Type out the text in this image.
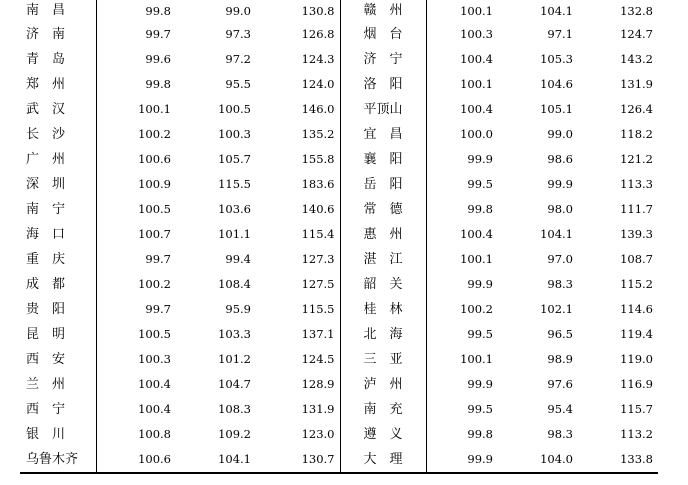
南　昌	99.8	99.0	130.8	赣　州	100.1	104.1	132.8
济　南	99.7	97.3	126.8	烟　台	100.3	97.1	124.7
青　岛	99.6	97.2	124.3	济　宁	100.4	105.3	143.2
郑　州	99.8	95.5	124.0	洛　阳	100.1	104.6	131.9
武　汉	100.1	100.5	146.0	平顶山	100.4	105.1	126.4
长　沙	100.2	100.3	135.2	宜　昌	100.0	99.0	118.2
广　州	100.6	105.7	155.8	襄　阳	99.9	98.6	121.2
深　圳	100.9	115.5	183.6	岳　阳	99.5	99.9	113.3
南　宁	100.5	103.6	140.6	常　德	99.8	98.0	111.7
海　口	100.7	101.1	115.4	惠　州	100.4	104.1	139.3
重　庆	99.7	99.4	127.3	湛　江	100.1	97.0	108.7
成　都	100.2	108.4	127.5	韶　关	99.9	98.3	115.2
贵　阳	99.7	95.9	115.5	桂　林	100.2	102.1	114.6
昆　明	100.5	103.3	137.1	北　海	99.5	96.5	119.4
西　安	100.3	101.2	124.5	三　亚	100.1	98.9	119.0
兰　州	100.4	104.7	128.9	泸　州	99.9	97.6	116.9
西　宁	100.4	108.3	131.9	南　充	99.5	95.4	115.7
银　川	100.8	109.2	123.0	遵　义	99.8	98.3	113.2
乌鲁木齐	100.6	104.1	130.7	大　理	99.9	104.0	133.8
